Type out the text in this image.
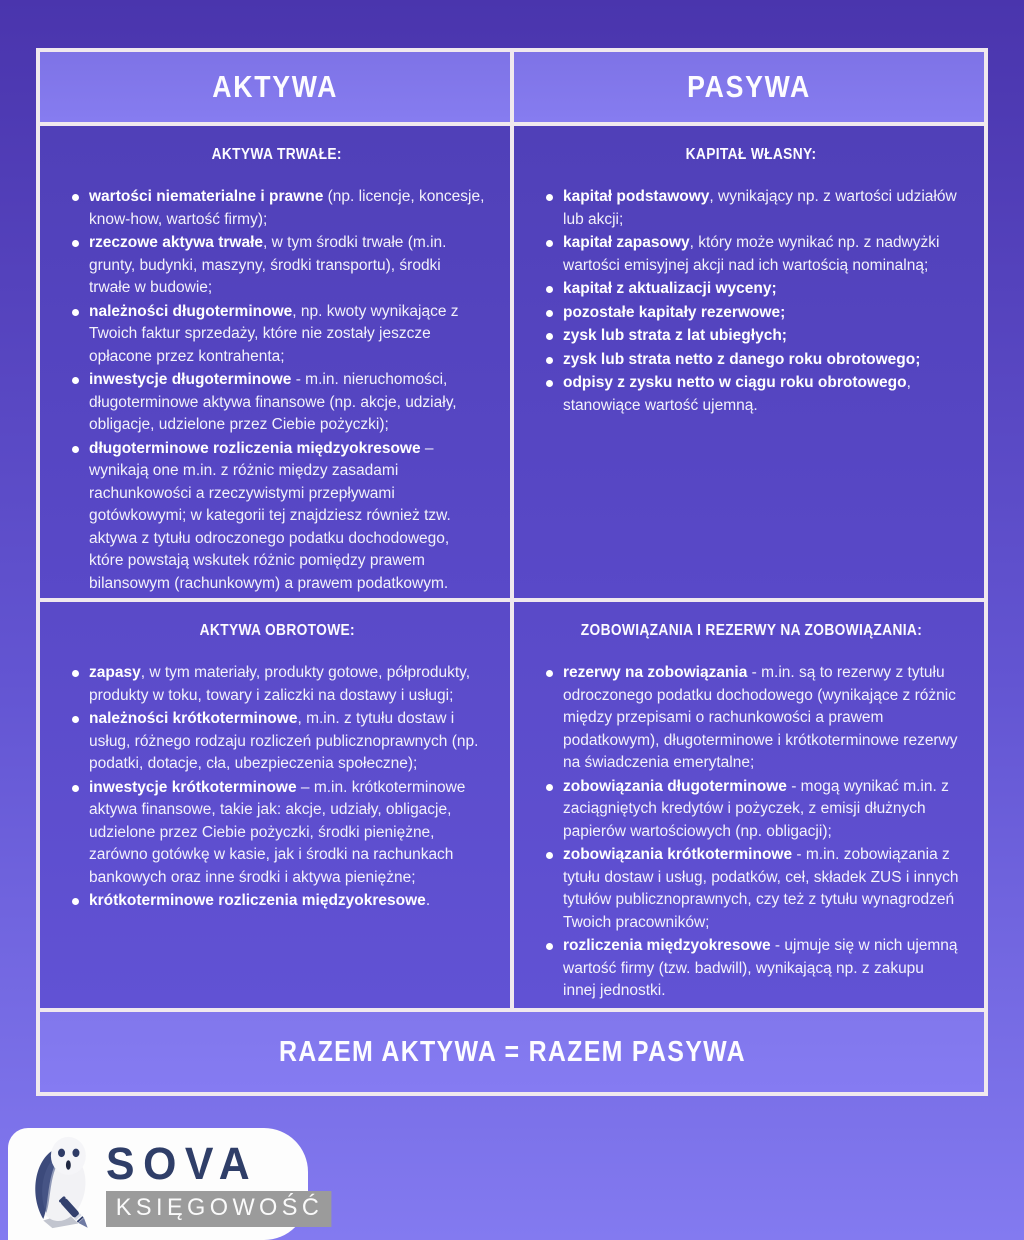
AKTYWA	PASYWA
AKTYWA TRWAŁE:
wartości niematerialne i prawne (np. licencje, koncesje, know-how, wartość firmy);
rzeczowe aktywa trwałe, w tym środki trwałe (m.in. grunty, budynki, maszyny, środki transportu), środki trwałe w budowie;
należności długoterminowe, np. kwoty wynikające z Twoich faktur sprzedaży, które nie zostały jeszcze opłacone przez kontrahenta;
inwestycje długoterminowe - m.in. nieruchomości, długoterminowe aktywa finansowe (np. akcje, udziały, obligacje, udzielone przez Ciebie pożyczki);
długoterminowe rozliczenia międzyokresowe – wynikają one m.in. z różnic między zasadami rachunkowości a rzeczywistymi przepływami gotówkowymi; w kategorii tej znajdziesz również tzw. aktywa z tytułu odroczonego podatku dochodowego, które powstają wskutek różnic pomiędzy prawem bilansowym (rachunkowym) a prawem podatkowym.
KAPITAŁ WŁASNY:
kapitał podstawowy, wynikający np. z wartości udziałów lub akcji;
kapitał zapasowy, który może wynikać np. z nadwyżki wartości emisyjnej akcji nad ich wartością nominalną;
kapitał z aktualizacji wyceny;
pozostałe kapitały rezerwowe;
zysk lub strata z lat ubiegłych;
zysk lub strata netto z danego roku obrotowego;
odpisy z zysku netto w ciągu roku obrotowego, stanowiące wartość ujemną.
AKTYWA OBROTOWE:
zapasy, w tym materiały, produkty gotowe, półprodukty, produkty w toku, towary i zaliczki na dostawy i usługi;
należności krótkoterminowe, m.in. z tytułu dostaw i usług, różnego rodzaju rozliczeń publicznoprawnych (np. podatki, dotacje, cła, ubezpieczenia społeczne);
inwestycje krótkoterminowe – m.in. krótkoterminowe aktywa finansowe, takie jak: akcje, udziały, obligacje, udzielone przez Ciebie pożyczki, środki pieniężne, zarówno gotówkę w kasie, jak i środki na rachunkach bankowych oraz inne środki i aktywa pieniężne;
krótkoterminowe rozliczenia międzyokresowe.
ZOBOWIĄZANIA I REZERWY NA ZOBOWIĄZANIA:
rezerwy na zobowiązania - m.in. są to rezerwy z tytułu odroczonego podatku dochodowego (wynikające z różnic między przepisami o rachunkowości a prawem podatkowym), długoterminowe i krótkoterminowe rezerwy na świadczenia emerytalne;
zobowiązania długoterminowe - mogą wynikać m.in. z zaciągniętych kredytów i pożyczek, z emisji dłużnych papierów wartościowych (np. obligacji);
zobowiązania krótkoterminowe - m.in. zobowiązania z tytułu dostaw i usług, podatków, ceł, składek ZUS i innych tytułów publicznoprawnych, czy też z tytułu wynagrodzeń Twoich pracowników;
rozliczenia międzyokresowe - ujmuje się w nich ujemną wartość firmy (tzw. badwill), wynikającą np. z zakupu innej jednostki.
RAZEM AKTYWA = RAZEM PASYWA
SOVA
KSIĘGOWOŚĆ
